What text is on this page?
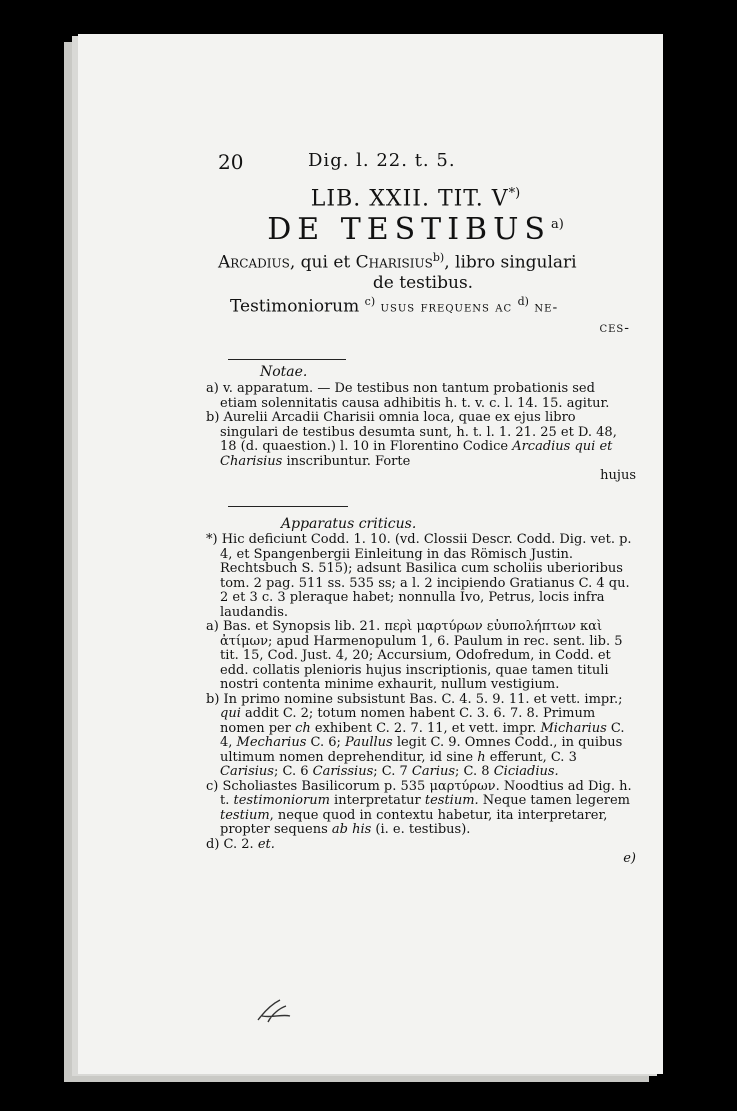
20	Dig. l. 22. t. 5.
LIB. XXII. TIT. V*)
DE TESTIBUS$^{a)}$
Arcadius, qui et Charisius$^{b)}$, libro singulari
de testibus.
Testimoniorum $^{c)}$ usus frequens ac $^{d)}$ ne-
ces-
Notae.

a) v. apparatum. — De testibus non tantum probationis sed etiam solennitatis causa adhibitis h. t. v. c. l. 14. 15. agitur.

b) Aurelii Arcadii Charisii omnia loca, quae ex ejus libro singulari de testibus desumta sunt, h. t. l. 1. 21. 25 et D. 48, 18 (d. quaestion.) l. 10 in Florentino Codice Arcadius qui et Charisius inscribuntur. Forte

hujus
Apparatus criticus.

*) Hic deficiunt Codd. 1. 10. (vd. Clossii Descr. Codd. Dig. vet. p. 4, et Spangenbergii Einleitung in das Römisch Justin. Rechtsbuch S. 515); adsunt Basilica cum scholiis uberioribus tom. 2 pag. 511 ss. 535 ss; a l. 2 incipiendo Gratianus C. 4 qu. 2 et 3 c. 3 pleraque habet; nonnulla Ivo, Petrus, locis infra laudandis.

a) Bas. et Synopsis lib. 21. περὶ μαρτύρων εὐυπολήπτων καὶ ἀτίμων; apud Harmenopulum 1, 6. Paulum in rec. sent. lib. 5 tit. 15, Cod. Just. 4, 20; Accursium, Odofredum, in Codd. et edd. collatis plenioris hujus inscriptionis, quae tamen tituli nostri contenta minime exhaurit, nullum vestigium.

b) In primo nomine subsistunt Bas. C. 4. 5. 9. 11. et vett. impr.; qui addit C. 2; totum nomen habent C. 3. 6. 7. 8. Primum nomen per ch exhibent C. 2. 7. 11, et vett. impr. Micharius C. 4, Mecharius C. 6; Paullus legit C. 9. Omnes Codd., in quibus ultimum nomen deprehenditur, id sine h efferunt, C. 3 Carisius; C. 6 Carissius; C. 7 Carius; C. 8 Ciciadius.

c) Scholiastes Basilicorum p. 535 μαρτύρων. Noodtius ad Dig. h. t. testimoniorum interpretatur testium. Neque tamen legerem testium, neque quod in contextu habetur, ita interpretarer, propter sequens ab his (i. e. testibus).

d) C. 2. et.

e)
